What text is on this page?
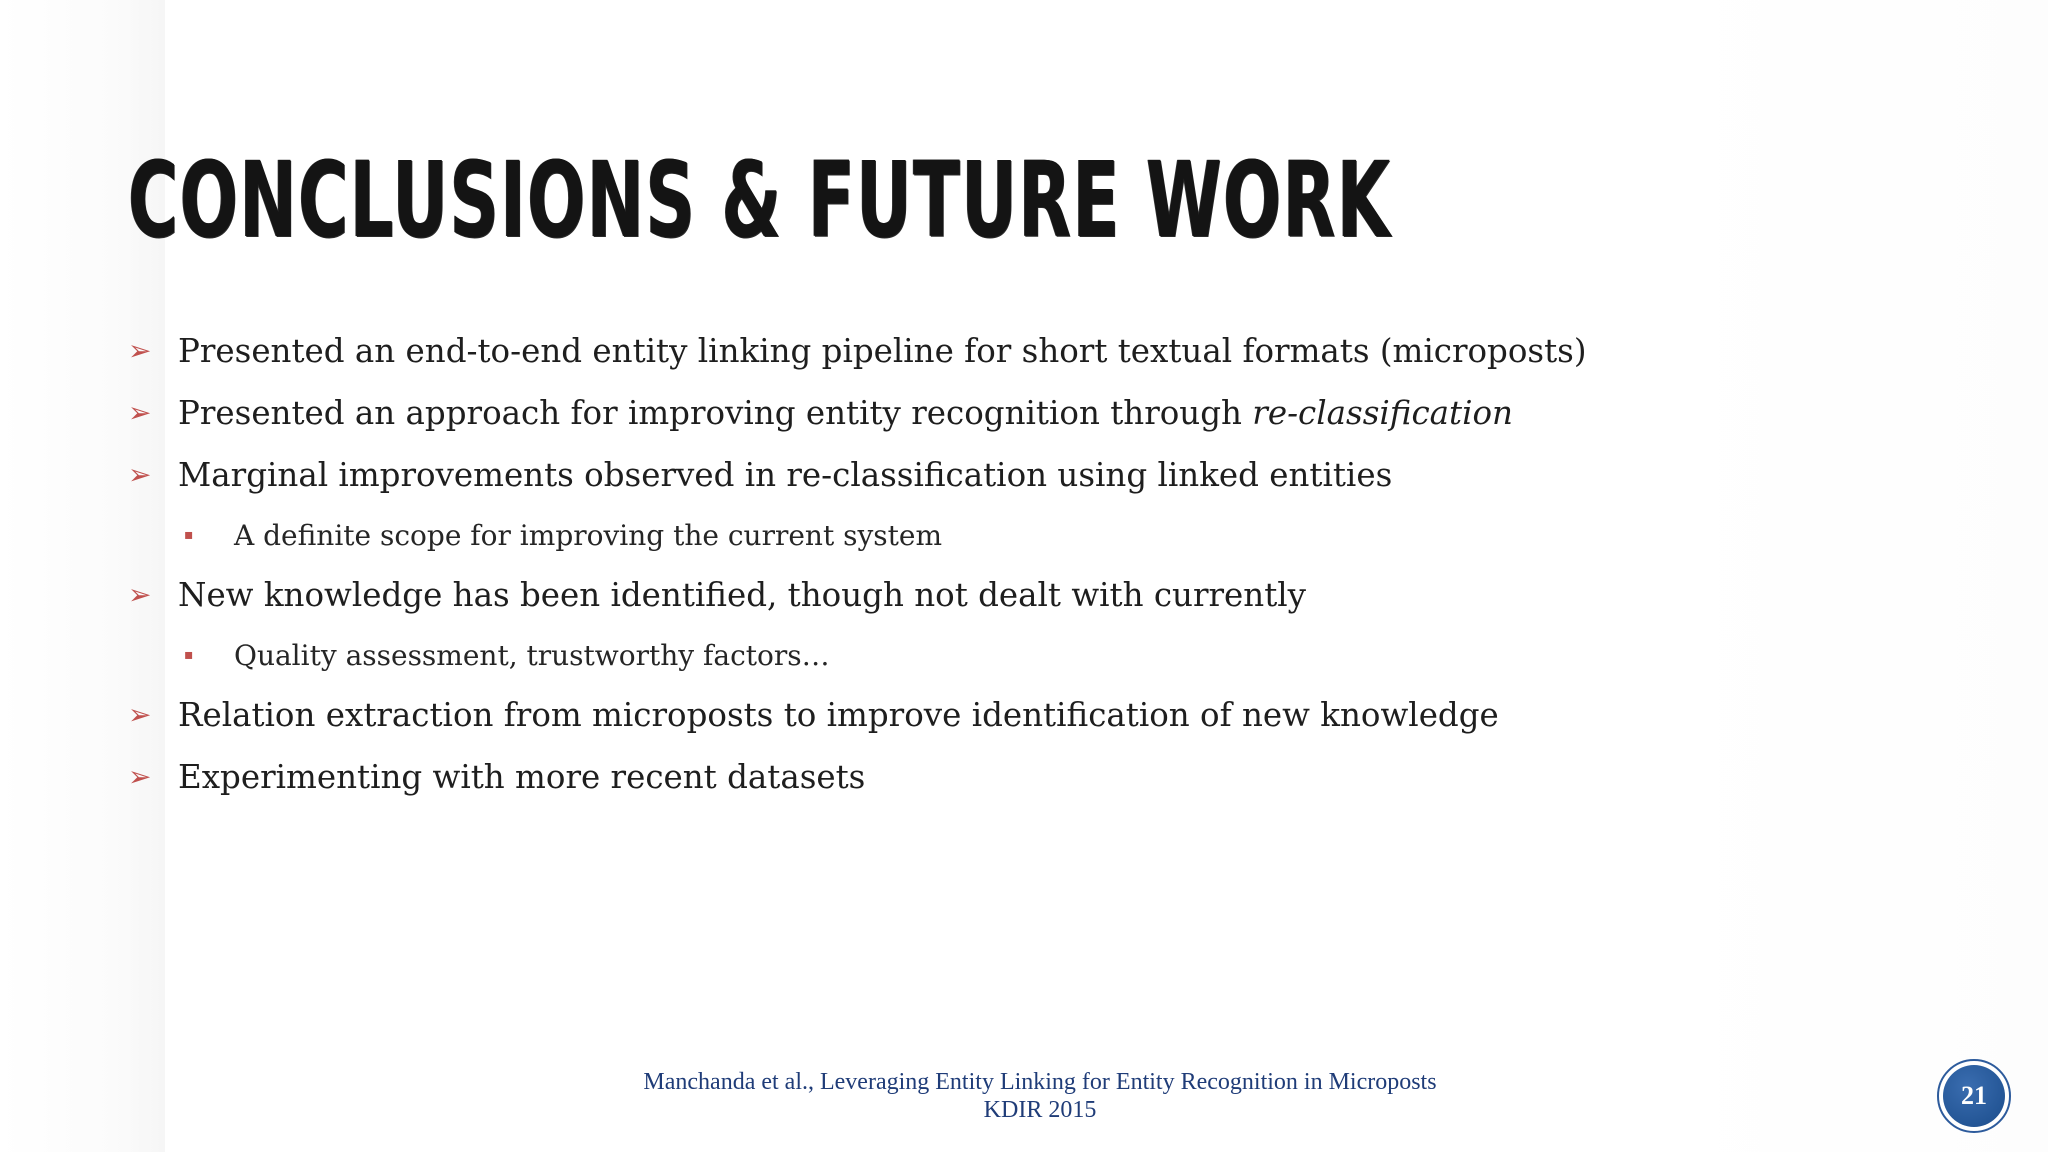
CONCLUSIONS & FUTURE WORK
➢ Presented an end-to-end entity linking pipeline for short textual formats (microposts)
➢ Presented an approach for improving entity recognition through re-classification
➢ Marginal improvements observed in re-classification using linked entities
▪ A definite scope for improving the current system
➢ New knowledge has been identified, though not dealt with currently
▪ Quality assessment, trustworthy factors…
➢ Relation extraction from microposts to improve identification of new knowledge
➢ Experimenting with more recent datasets
Manchanda et al., Leveraging Entity Linking for Entity Recognition in Microposts
KDIR 2015	21
